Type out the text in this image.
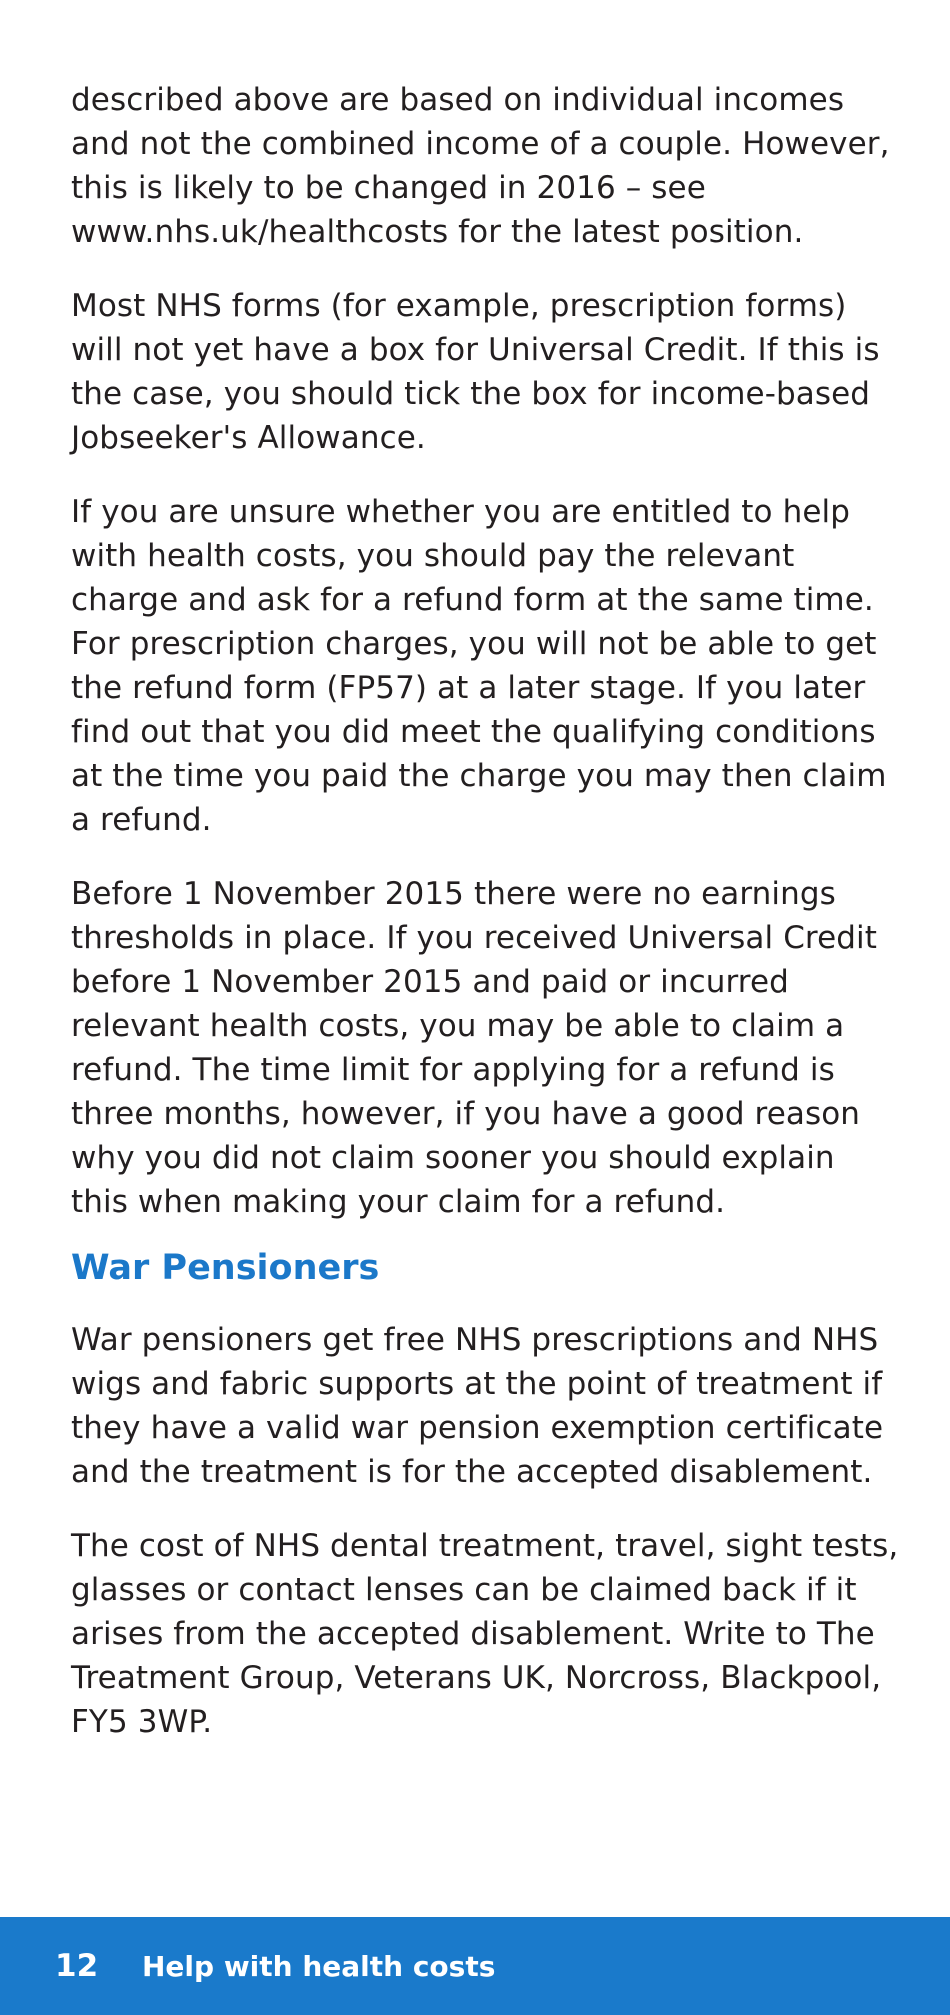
described above are based on individual incomes and not the combined income of a couple. However, this is likely to be changed in 2016 – see www.nhs.uk/healthcosts for the latest position.

Most NHS forms (for example, prescription forms) will not yet have a box for Universal Credit. If this is the case, you should tick the box for income-based Jobseeker's Allowance.

If you are unsure whether you are entitled to help with health costs, you should pay the relevant charge and ask for a refund form at the same time. For prescription charges, you will not be able to get the refund form (FP57) at a later stage. If you later find out that you did meet the qualifying conditions at the time you paid the charge you may then claim a refund.

Before 1 November 2015 there were no earnings thresholds in place. If you received Universal Credit before 1 November 2015 and paid or incurred relevant health costs, you may be able to claim a refund. The time limit for applying for a refund is three months, however, if you have a good reason why you did not claim sooner you should explain this when making your claim for a refund.

War Pensioners

War pensioners get free NHS prescriptions and NHS wigs and fabric supports at the point of treatment if they have a valid war pension exemption certificate and the treatment is for the accepted disablement.

The cost of NHS dental treatment, travel, sight tests, glasses or contact lenses can be claimed back if it arises from the accepted disablement. Write to The Treatment Group, Veterans UK, Norcross, Blackpool, FY5 3WP.

12 Help with health costs
